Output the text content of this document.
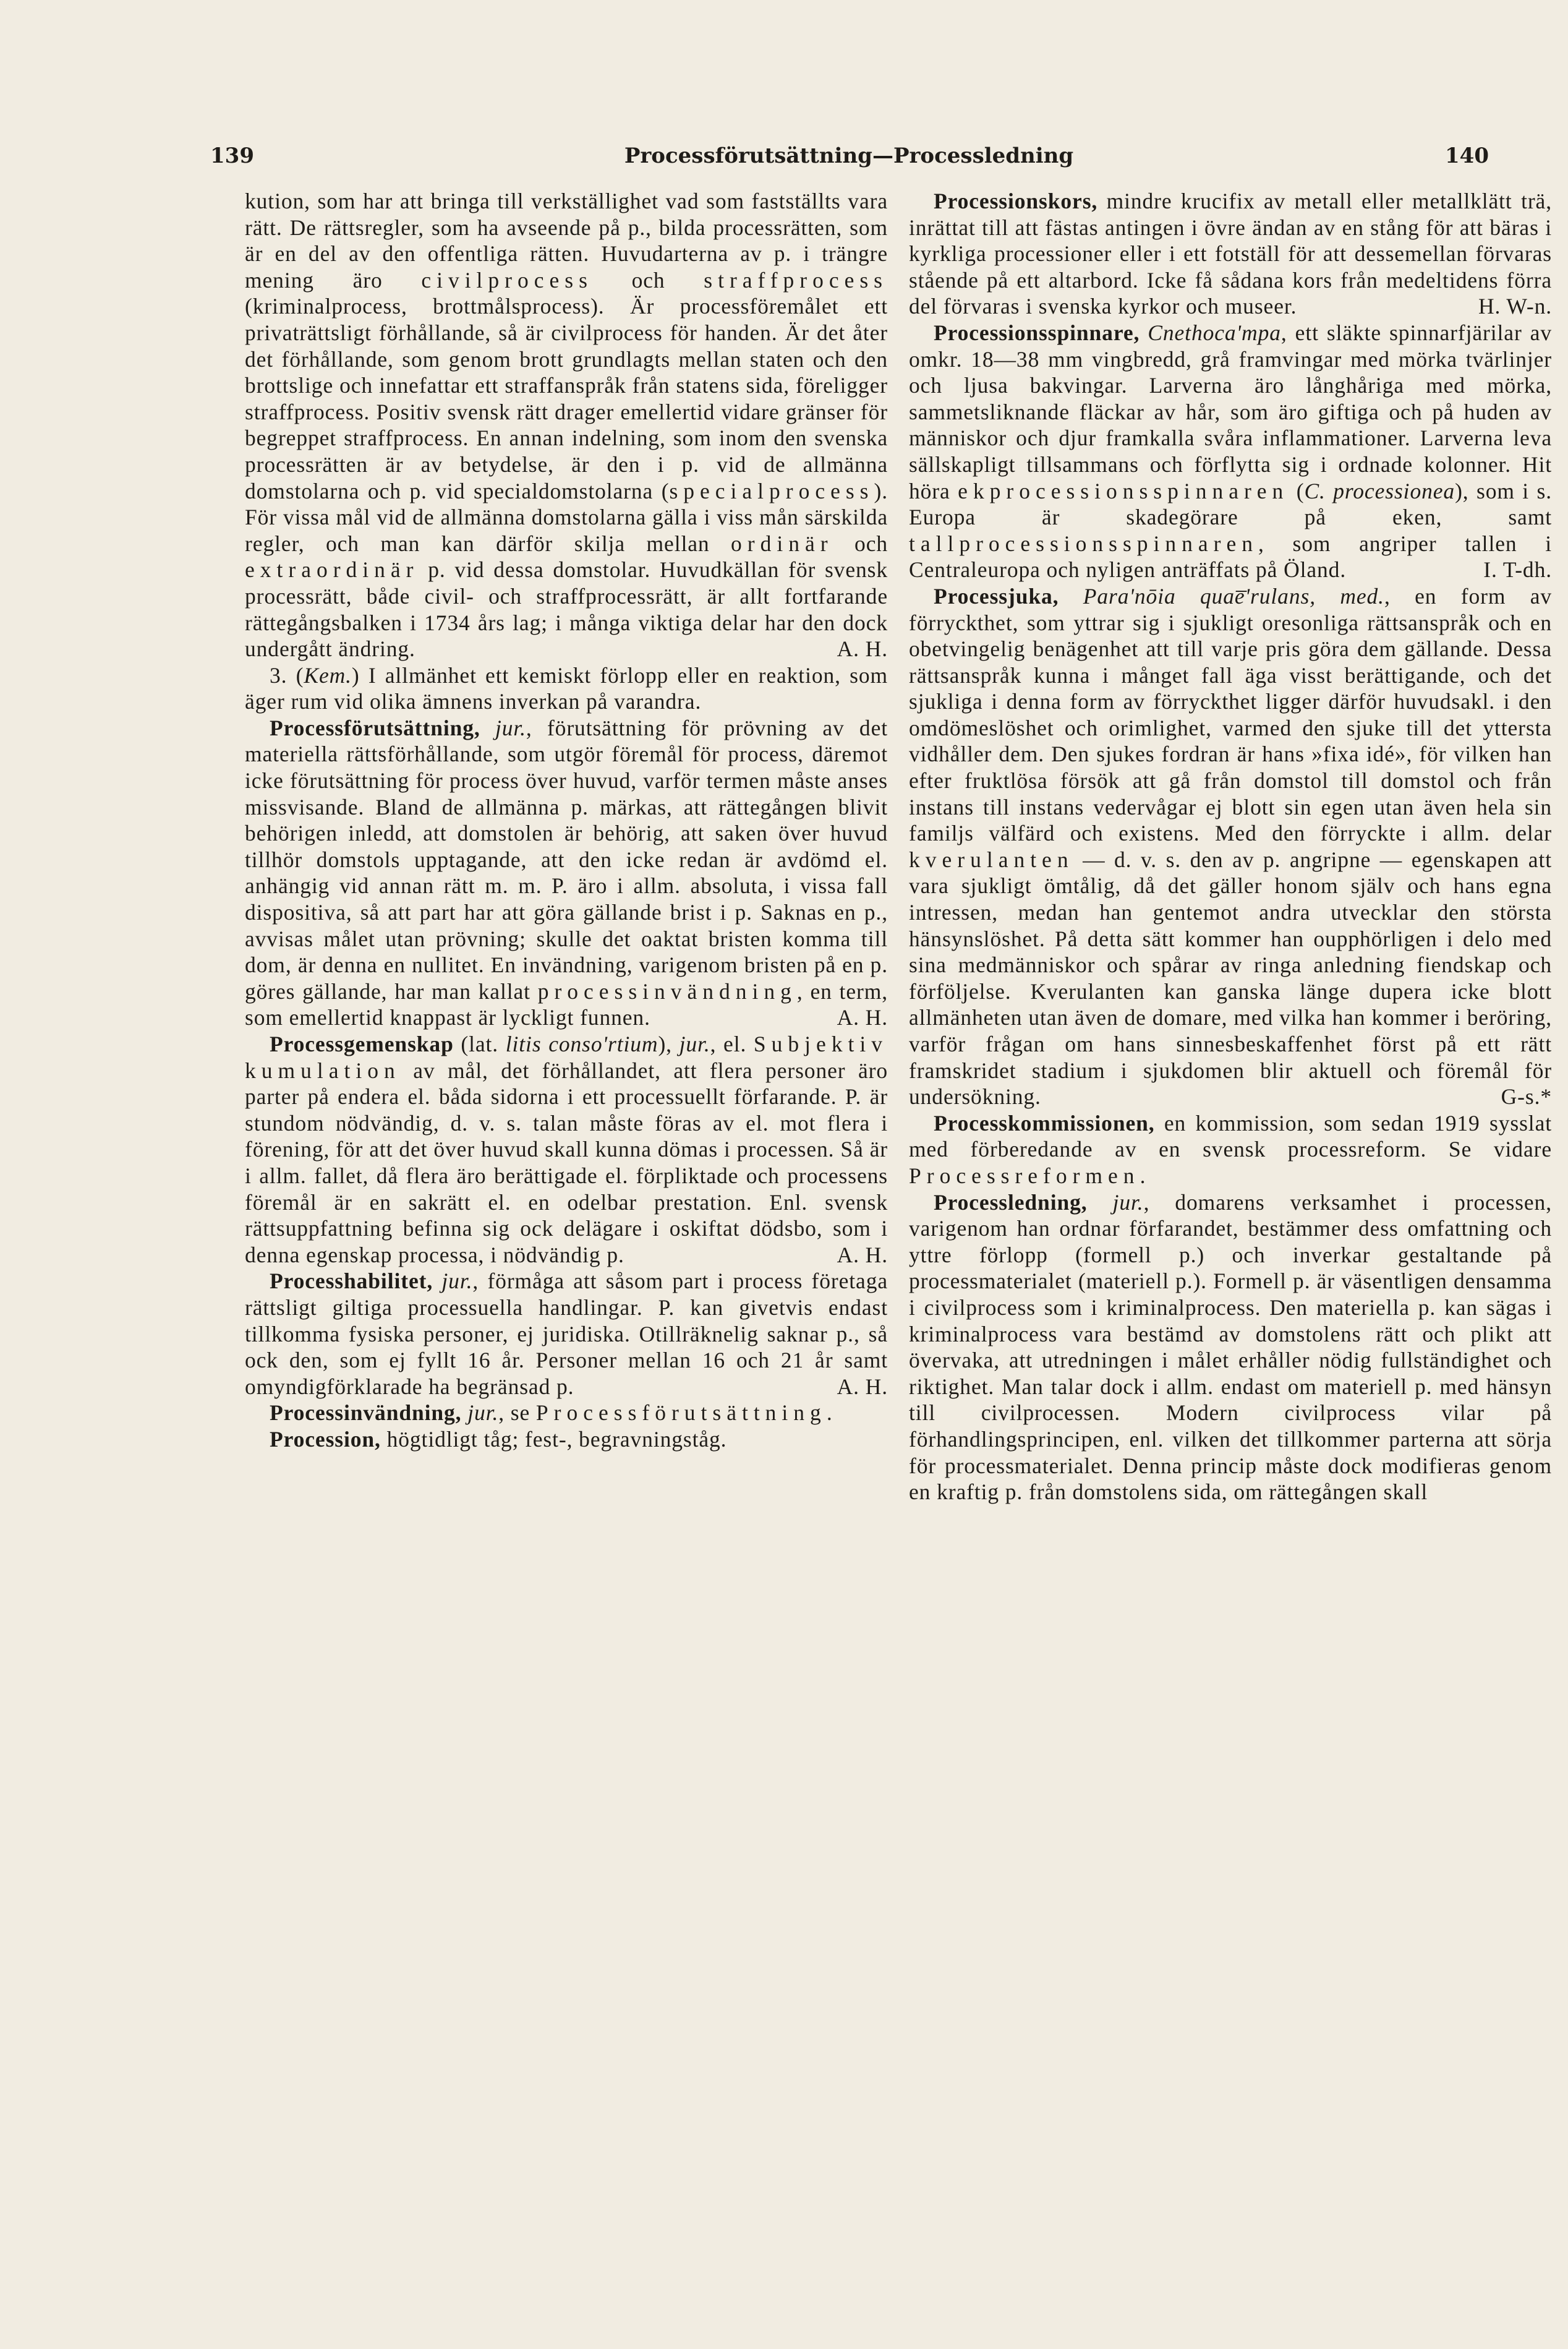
139	Processförutsättning—Processledning	140

kution, som har att bringa till verkställighet vad som fastställts vara rätt. De rättsregler, som ha avseende på p., bilda processrätten, som är en del av den offentliga rätten. Huvudarterna av p. i trängre mening äro civilprocess och straffprocess (kriminalprocess, brottmålsprocess). Är processföremålet ett privaträttsligt förhållande, så är civilprocess för handen. Är det åter det förhållande, som genom brott grundlagts mellan staten och den brottslige och innefattar ett straffanspråk från statens sida, föreligger straffprocess. Positiv svensk rätt drager emellertid vidare gränser för begreppet straffprocess. En annan indelning, som inom den svenska processrätten är av betydelse, är den i p. vid de allmänna domstolarna och p. vid specialdomstolarna (specialprocess). För vissa mål vid de allmänna domstolarna gälla i viss mån särskilda regler, och man kan därför skilja mellan ordinär och extraordinär p. vid dessa domstolar. Huvudkällan för svensk processrätt, både civil- och straffprocessrätt, är allt fortfarande rättegångsbalken i 1734 års lag; i många viktiga delar har den dock undergått ändring.	A. H.

3. (Kem.) I allmänhet ett kemiskt förlopp eller en reaktion, som äger rum vid olika ämnens inverkan på varandra.

Processförutsättning, jur., förutsättning för prövning av det materiella rättsförhållande, som utgör föremål för process, däremot icke förutsättning för process över huvud, varför termen måste anses missvisande. Bland de allmänna p. märkas, att rättegången blivit behörigen inledd, att domstolen är behörig, att saken över huvud tillhör domstols upptagande, att den icke redan är avdömd el. anhängig vid annan rätt m. m. P. äro i allm. absoluta, i vissa fall dispositiva, så att part har att göra gällande brist i p. Saknas en p., avvisas målet utan prövning; skulle det oaktat bristen komma till dom, är denna en nullitet. En invändning, varigenom bristen på en p. göres gällande, har man kallat processinvändning, en term, som emellertid knappast är lyckligt funnen.	A. H.

Processgemenskap (lat. litis conso'rtium), jur., el. Subjektiv kumulation av mål, det förhållandet, att flera personer äro parter på endera el. båda sidorna i ett processuellt förfarande. P. är stundom nödvändig, d. v. s. talan måste föras av el. mot flera i förening, för att det över huvud skall kunna dömas i processen. Så är i allm. fallet, då flera äro berättigade el. förpliktade och processens föremål är en sakrätt el. en odelbar prestation. Enl. svensk rättsuppfattning befinna sig ock delägare i oskiftat dödsbo, som i denna egenskap processa, i nödvändig p.	A. H.

Processhabilitet, jur., förmåga att såsom part i process företaga rättsligt giltiga processuella handlingar. P. kan givetvis endast tillkomma fysiska personer, ej juridiska. Otillräknelig saknar p., så ock den, som ej fyllt 16 år. Personer mellan 16 och 21 år samt omyndigförklarade ha begränsad p.	A. H.

Processinvändning, jur., se Processförutsättning.

Procession, högtidligt tåg; fest-, begravningståg.

Processionskors, mindre krucifix av metall eller metallklätt trä, inrättat till att fästas antingen i övre ändan av en stång för att bäras i kyrkliga processioner eller i ett fotställ för att dessemellan förvaras stående på ett altarbord. Icke få sådana kors från medeltidens förra del förvaras i svenska kyrkor och museer.	H. W-n.

Processionsspinnare, Cnethoca'mpa, ett släkte spinnarfjärilar av omkr. 18—38 mm vingbredd, grå framvingar med mörka tvärlinjer och ljusa bakvingar. Larverna äro långhåriga med mörka, sammetsliknande fläckar av hår, som äro giftiga och på huden av människor och djur framkalla svåra inflammationer. Larverna leva sällskapligt tillsammans och förflytta sig i ordnade kolonner. Hit höra ekprocessionsspinnaren (C. processionea), som i s. Europa är skadegörare på eken, samt tallprocessionsspinnaren, som angriper tallen i Centraleuropa och nyligen anträffats på Öland.	I. T-dh.

Processjuka, Para'nōia quae̅'rulans, med., en form av förryckthet, som yttrar sig i sjukligt oresonliga rättsanspråk och en obetvingelig benägenhet att till varje pris göra dem gällande. Dessa rättsanspråk kunna i månget fall äga visst berättigande, och det sjukliga i denna form av förryckthet ligger därför huvudsakl. i den omdömeslöshet och orimlighet, varmed den sjuke till det yttersta vidhåller dem. Den sjukes fordran är hans »fixa idé», för vilken han efter fruktlösa försök att gå från domstol till domstol och från instans till instans vedervågar ej blott sin egen utan även hela sin familjs välfärd och existens. Med den förryckte i allm. delar kverulanten — d. v. s. den av p. angripne — egenskapen att vara sjukligt ömtålig, då det gäller honom själv och hans egna intressen, medan han gentemot andra utvecklar den största hänsynslöshet. På detta sätt kommer han oupphörligen i delo med sina medmänniskor och spårar av ringa anledning fiendskap och förföljelse. Kverulanten kan ganska länge dupera icke blott allmänheten utan även de domare, med vilka han kommer i beröring, varför frågan om hans sinnesbeskaffenhet först på ett rätt framskridet stadium i sjukdomen blir aktuell och föremål för undersökning.	G-s.*

Processkommissionen, en kommission, som sedan 1919 sysslat med förberedande av en svensk processreform. Se vidare Processreformen.

Processledning, jur., domarens verksamhet i processen, varigenom han ordnar förfarandet, bestämmer dess omfattning och yttre förlopp (formell p.) och inverkar gestaltande på processmaterialet (materiell p.). Formell p. är väsentligen densamma i civilprocess som i kriminalprocess. Den materiella p. kan sägas i kriminalprocess vara bestämd av domstolens rätt och plikt att övervaka, att utredningen i målet erhåller nödig fullständighet och riktighet. Man talar dock i allm. endast om materiell p. med hänsyn till civilprocessen. Modern civilprocess vilar på förhandlingsprincipen, enl. vilken det tillkommer parterna att sörja för processmaterialet. Denna princip måste dock modifieras genom en kraftig p. från domstolens sida, om rättegången skall
